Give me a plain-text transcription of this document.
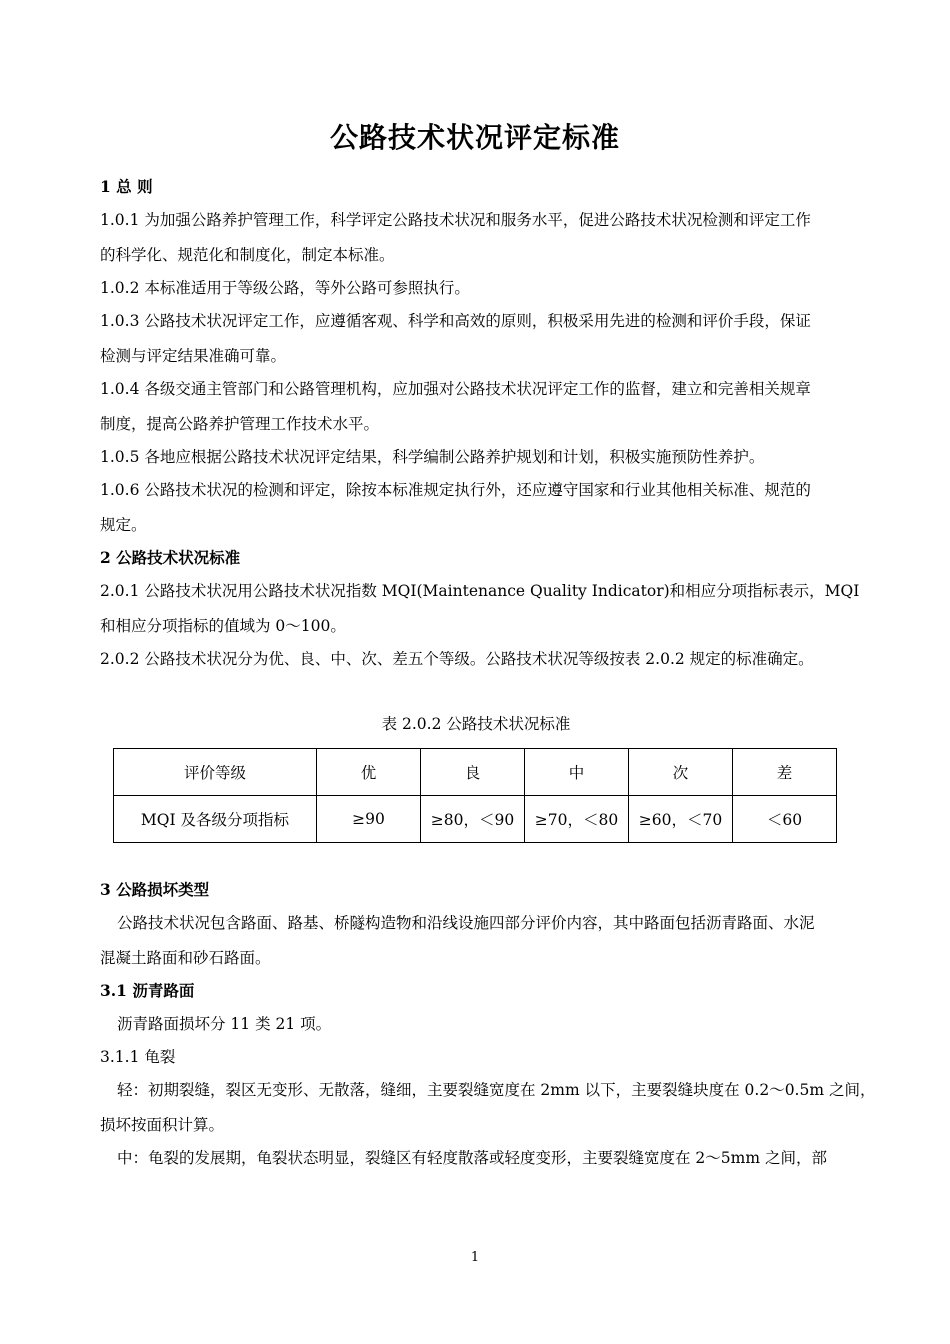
公路技术状况评定标准
1 总 则
1.0.1 为加强公路养护管理工作，科学评定公路技术状况和服务水平，促进公路技术状况检测和评定工作
的科学化、规范化和制度化，制定本标准。
1.0.2 本标准适用于等级公路，等外公路可参照执行。
1.0.3 公路技术状况评定工作，应遵循客观、科学和高效的原则，积极采用先进的检测和评价手段，保证
检测与评定结果准确可靠。
1.0.4 各级交通主管部门和公路管理机构，应加强对公路技术状况评定工作的监督，建立和完善相关规章
制度，提高公路养护管理工作技术水平。
1.0.5 各地应根据公路技术状况评定结果，科学编制公路养护规划和计划，积极实施预防性养护。
1.0.6 公路技术状况的检测和评定，除按本标准规定执行外，还应遵守国家和行业其他相关标准、规范的
规定。
2 公路技术状况标准
2.0.1 公路技术状况用公路技术状况指数 MQI(Maintenance Quality Indicator)和相应分项指标表示，MQI
和相应分项指标的值域为 0～100。
2.0.2 公路技术状况分为优、良、中、次、差五个等级。公路技术状况等级按表 2.0.2 规定的标准确定。
表 2.0.2 公路技术状况标准
评价等级	优	良	中	次	差
MQI 及各级分项指标	≥90	≥80，＜90	≥70，＜80	≥60，＜70	＜60
3 公路损坏类型
公路技术状况包含路面、路基、桥隧构造物和沿线设施四部分评价内容，其中路面包括沥青路面、水泥
混凝土路面和砂石路面。
3.1 沥青路面
沥青路面损坏分 11 类 21 项。
3.1.1 龟裂
轻：初期裂缝，裂区无变形、无散落，缝细，主要裂缝宽度在 2mm 以下，主要裂缝块度在 0.2～0.5m 之间，
损坏按面积计算。
中：龟裂的发展期，龟裂状态明显，裂缝区有轻度散落或轻度变形，主要裂缝宽度在 2～5mm 之间，部
1
